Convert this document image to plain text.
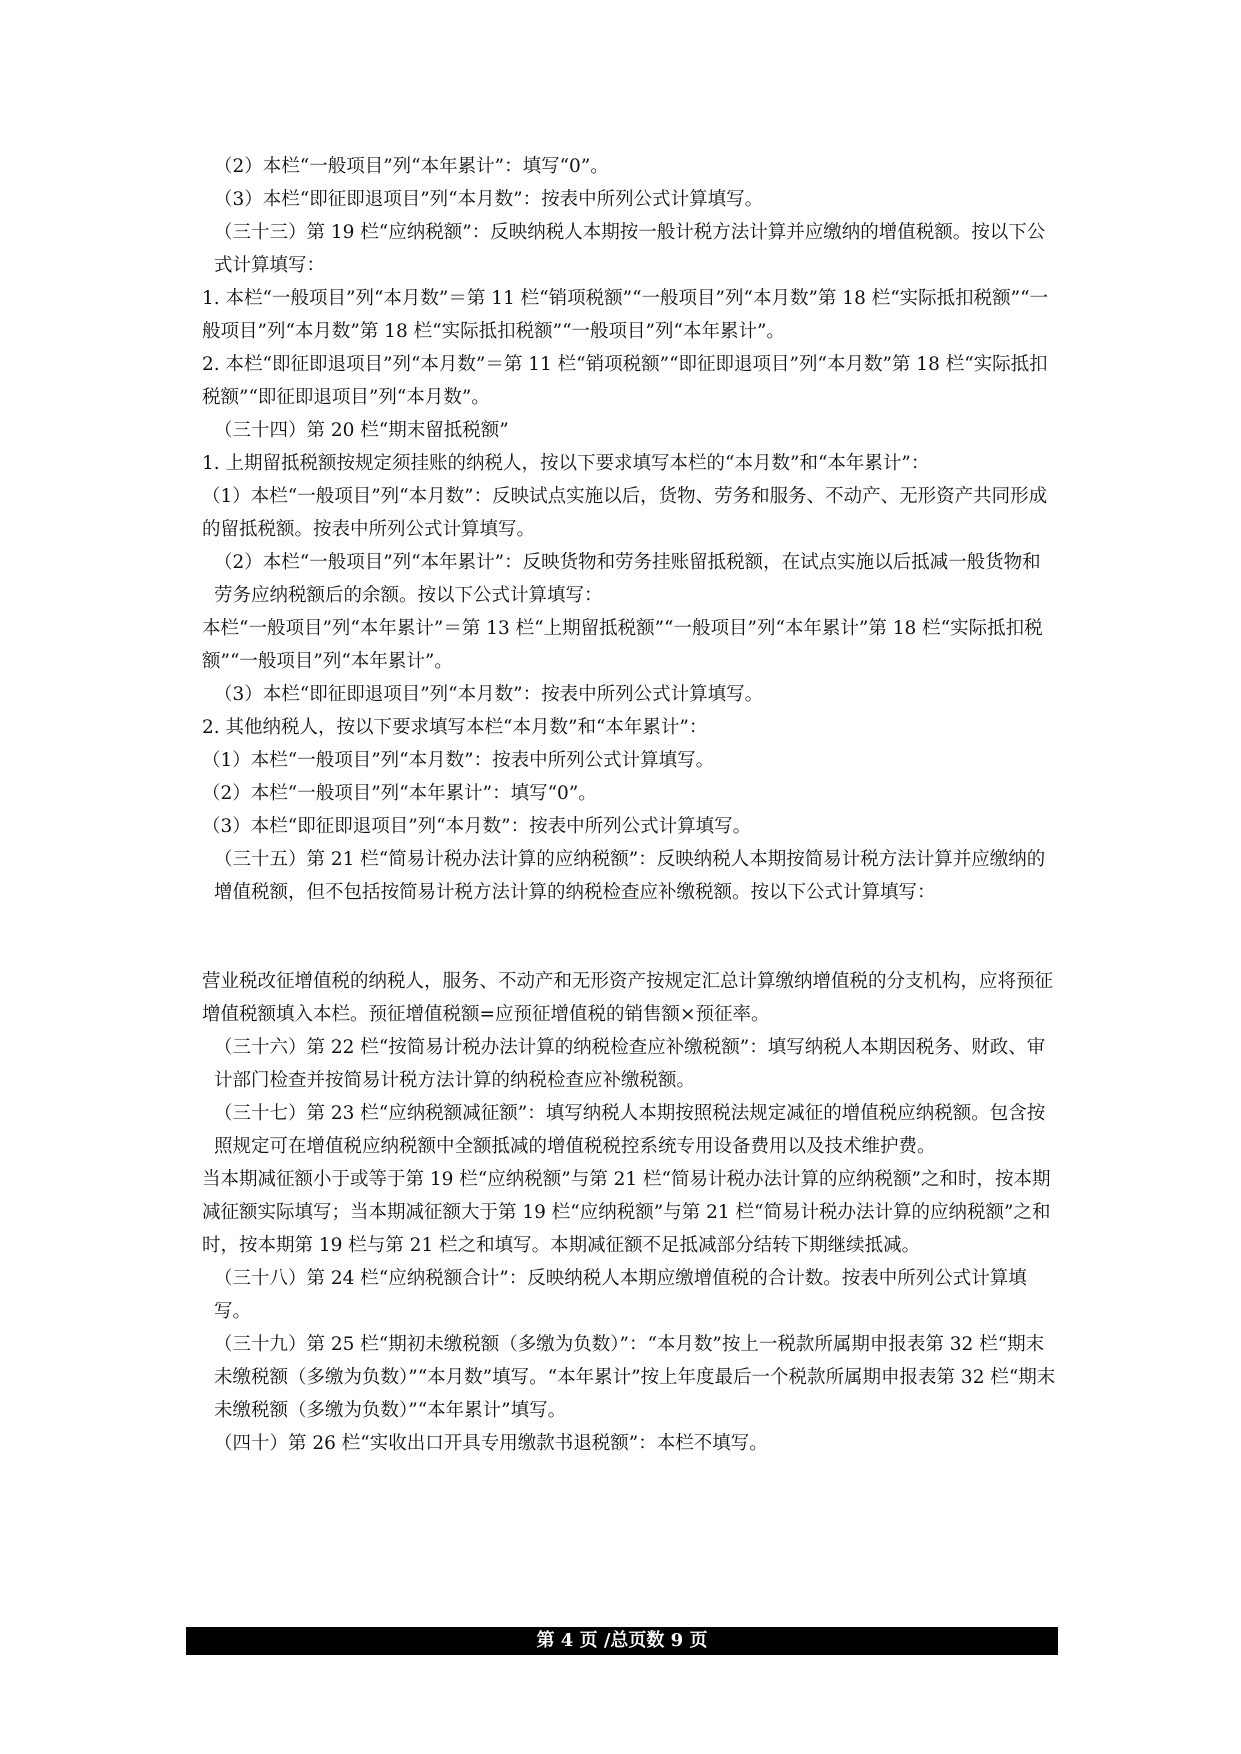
（2）本栏“一般项目”列“本年累计”：填写“0”。

（3）本栏“即征即退项目”列“本月数”：按表中所列公式计算填写。

（三十三）第 19 栏“应纳税额”：反映纳税人本期按一般计税方法计算并应缴纳的增值税额。按以下公式计算填写：

1. 本栏“一般项目”列“本月数”＝第 11 栏“销项税额”“一般项目”列“本月数”第 18 栏“实际抵扣税额”“一般项目”列“本月数”第 18 栏“实际抵扣税额”“一般项目”列“本年累计”。

2. 本栏“即征即退项目”列“本月数”＝第 11 栏“销项税额”“即征即退项目”列“本月数”第 18 栏“实际抵扣税额”“即征即退项目”列“本月数”。

（三十四）第 20 栏“期末留抵税额”

1. 上期留抵税额按规定须挂账的纳税人，按以下要求填写本栏的“本月数”和“本年累计”：

（1）本栏“一般项目”列“本月数”：反映试点实施以后，货物、劳务和服务、不动产、无形资产共同形成的留抵税额。按表中所列公式计算填写。

（2）本栏“一般项目”列“本年累计”：反映货物和劳务挂账留抵税额，在试点实施以后抵减一般货物和劳务应纳税额后的余额。按以下公式计算填写：

本栏“一般项目”列“本年累计”＝第 13 栏“上期留抵税额”“一般项目”列“本年累计”第 18 栏“实际抵扣税额”“一般项目”列“本年累计”。

（3）本栏“即征即退项目”列“本月数”：按表中所列公式计算填写。

2. 其他纳税人，按以下要求填写本栏“本月数”和“本年累计”：

（1）本栏“一般项目”列“本月数”：按表中所列公式计算填写。

（2）本栏“一般项目”列“本年累计”：填写“0”。

（3）本栏“即征即退项目”列“本月数”：按表中所列公式计算填写。

（三十五）第 21 栏“简易计税办法计算的应纳税额”：反映纳税人本期按简易计税方法计算并应缴纳的增值税额，但不包括按简易计税方法计算的纳税检查应补缴税额。按以下公式计算填写：

营业税改征增值税的纳税人，服务、不动产和无形资产按规定汇总计算缴纳增值税的分支机构，应将预征增值税额填入本栏。预征增值税额=应预征增值税的销售额×预征率。

（三十六）第 22 栏“按简易计税办法计算的纳税检查应补缴税额”：填写纳税人本期因税务、财政、审计部门检查并按简易计税方法计算的纳税检查应补缴税额。

（三十七）第 23 栏“应纳税额减征额”：填写纳税人本期按照税法规定减征的增值税应纳税额。包含按照规定可在增值税应纳税额中全额抵减的增值税税控系统专用设备费用以及技术维护费。

当本期减征额小于或等于第 19 栏“应纳税额”与第 21 栏“简易计税办法计算的应纳税额”之和时，按本期减征额实际填写；当本期减征额大于第 19 栏“应纳税额”与第 21 栏“简易计税办法计算的应纳税额”之和时，按本期第 19 栏与第 21 栏之和填写。本期减征额不足抵减部分结转下期继续抵减。

（三十八）第 24 栏“应纳税额合计”：反映纳税人本期应缴增值税的合计数。按表中所列公式计算填写。

（三十九）第 25 栏“期初未缴税额（多缴为负数）”：“本月数”按上一税款所属期申报表第 32 栏“期末未缴税额（多缴为负数）”“本月数”填写。“本年累计”按上年度最后一个税款所属期申报表第 32 栏“期末未缴税额（多缴为负数）”“本年累计”填写。

（四十）第 26 栏“实收出口开具专用缴款书退税额”：本栏不填写。

第 4 页 /总页数 9 页
